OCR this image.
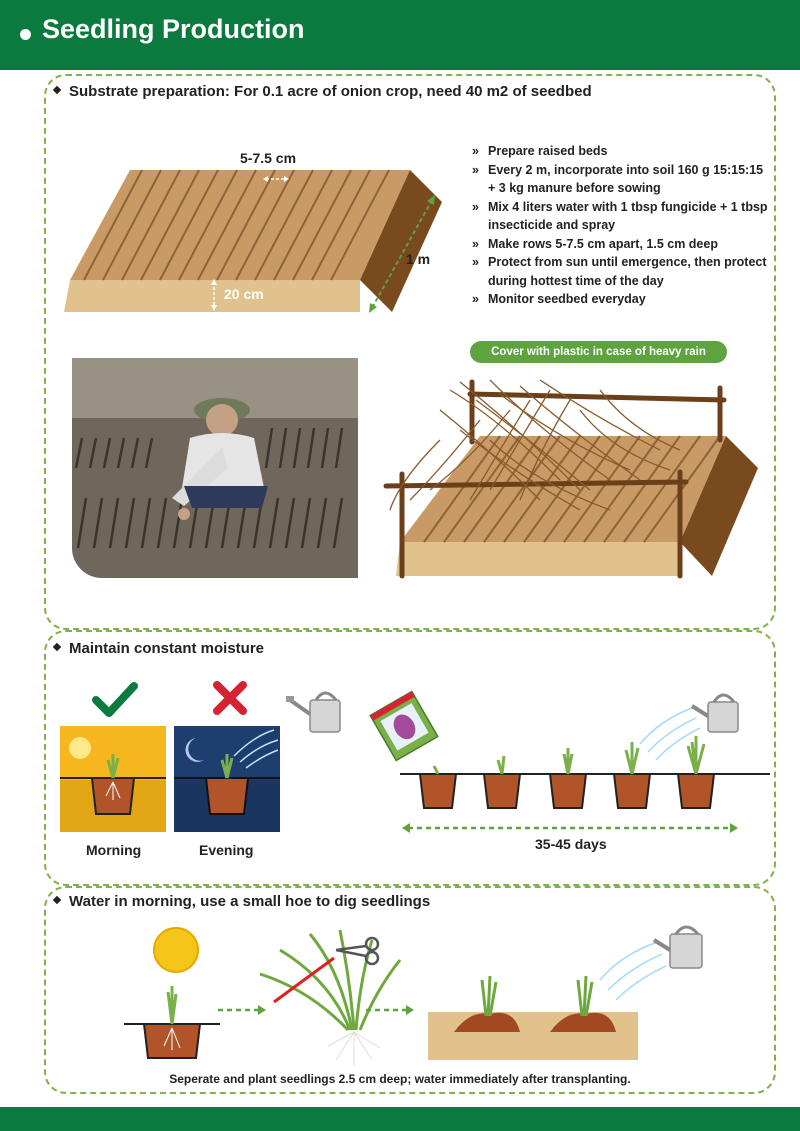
Seedling Production
Substrate preparation: For 0.1 acre of onion crop, need 40 m2 of seedbed
5-7.5 cm
20 cm
1 m
» Prepare raised beds
» Every 2 m, incorporate into soil 160 g 15:15:15 + 3 kg manure before sowing
» Mix 4 liters water with 1 tbsp fungicide + 1 tbsp insecticide and spray
» Make rows 5-7.5 cm apart, 1.5 cm deep
» Protect from sun until emergence, then protect during hottest time of the day
» Monitor seedbed everyday
Cover with plastic in case of heavy rain
Maintain constant moisture
Morning	Evening	35-45 days
Water in morning, use a small hoe to dig seedlings
Seperate and plant seedlings 2.5 cm deep; water immediately after transplanting.
